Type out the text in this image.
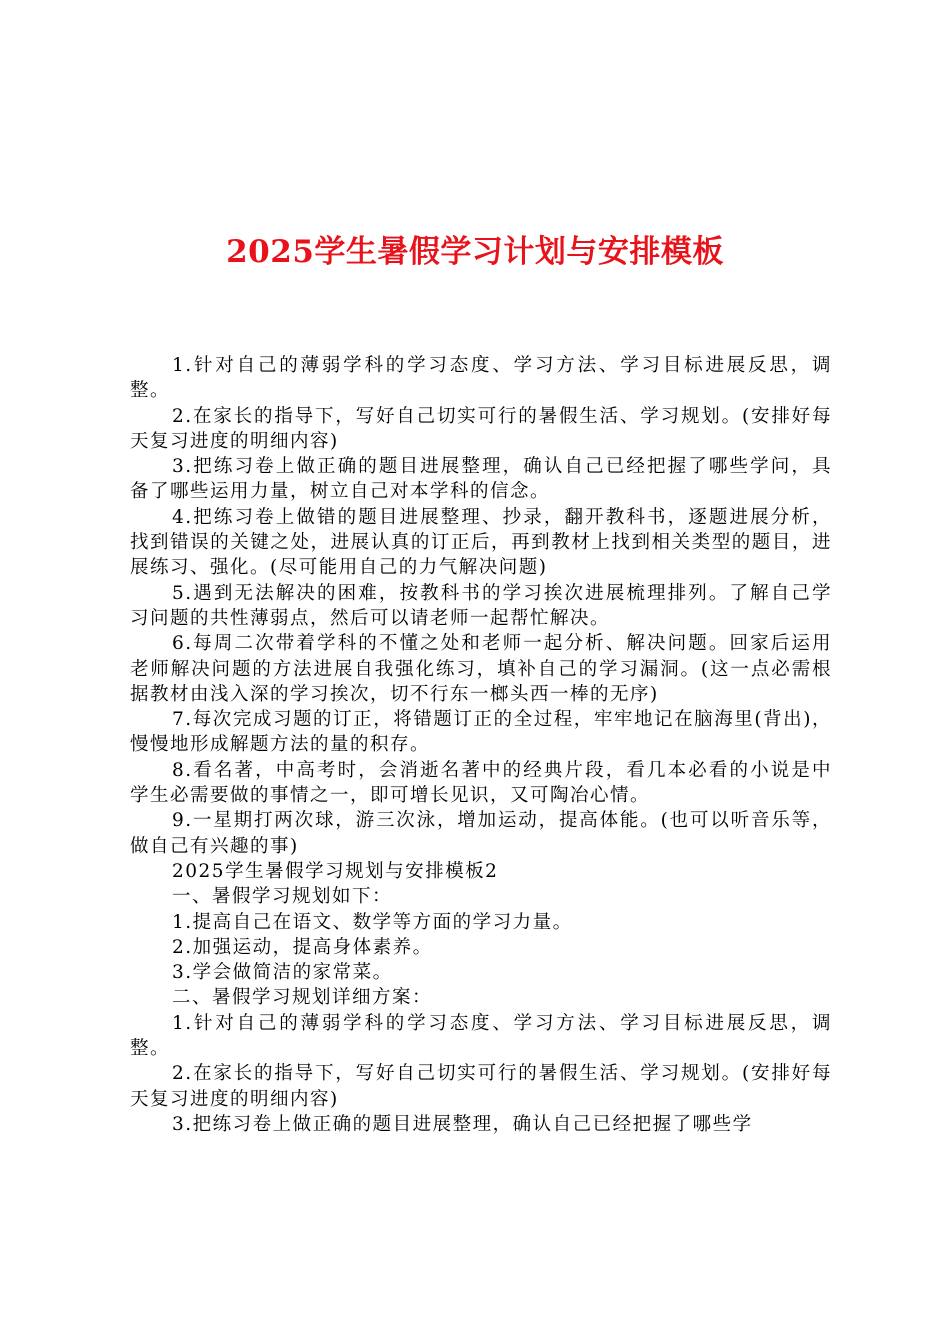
2025学生暑假学习计划与安排模板

1.针对自己的薄弱学科的学习态度、学习方法、学习目标进展反思，调整。

2.在家长的指导下，写好自己切实可行的暑假生活、学习规划。(安排好每天复习进度的明细内容)

3.把练习卷上做正确的题目进展整理，确认自己已经把握了哪些学问，具备了哪些运用力量，树立自己对本学科的信念。

4.把练习卷上做错的题目进展整理、抄录，翻开教科书，逐题进展分析，找到错误的关键之处，进展认真的订正后，再到教材上找到相关类型的题目，进展练习、强化。(尽可能用自己的力气解决问题)

5.遇到无法解决的困难，按教科书的学习挨次进展梳理排列。了解自己学习问题的共性薄弱点，然后可以请老师一起帮忙解决。

6.每周二次带着学科的不懂之处和老师一起分析、解决问题。回家后运用老师解决问题的方法进展自我强化练习，填补自己的学习漏洞。(这一点必需根据教材由浅入深的学习挨次，切不行东一榔头西一棒的无序)

7.每次完成习题的订正，将错题订正的全过程，牢牢地记在脑海里(背出)，慢慢地形成解题方法的量的积存。

8.看名著，中高考时，会消逝名著中的经典片段，看几本必看的小说是中学生必需要做的事情之一，即可增长见识，又可陶冶心情。

9.一星期打两次球，游三次泳，增加运动，提高体能。(也可以听音乐等，做自己有兴趣的事)

2025学生暑假学习规划与安排模板2

一、暑假学习规划如下：

1.提高自己在语文、数学等方面的学习力量。

2.加强运动，提高身体素养。

3.学会做简洁的家常菜。

二、暑假学习规划详细方案：

1.针对自己的薄弱学科的学习态度、学习方法、学习目标进展反思，调整。

2.在家长的指导下，写好自己切实可行的暑假生活、学习规划。(安排好每天复习进度的明细内容)

3.把练习卷上做正确的题目进展整理，确认自己已经把握了哪些学
